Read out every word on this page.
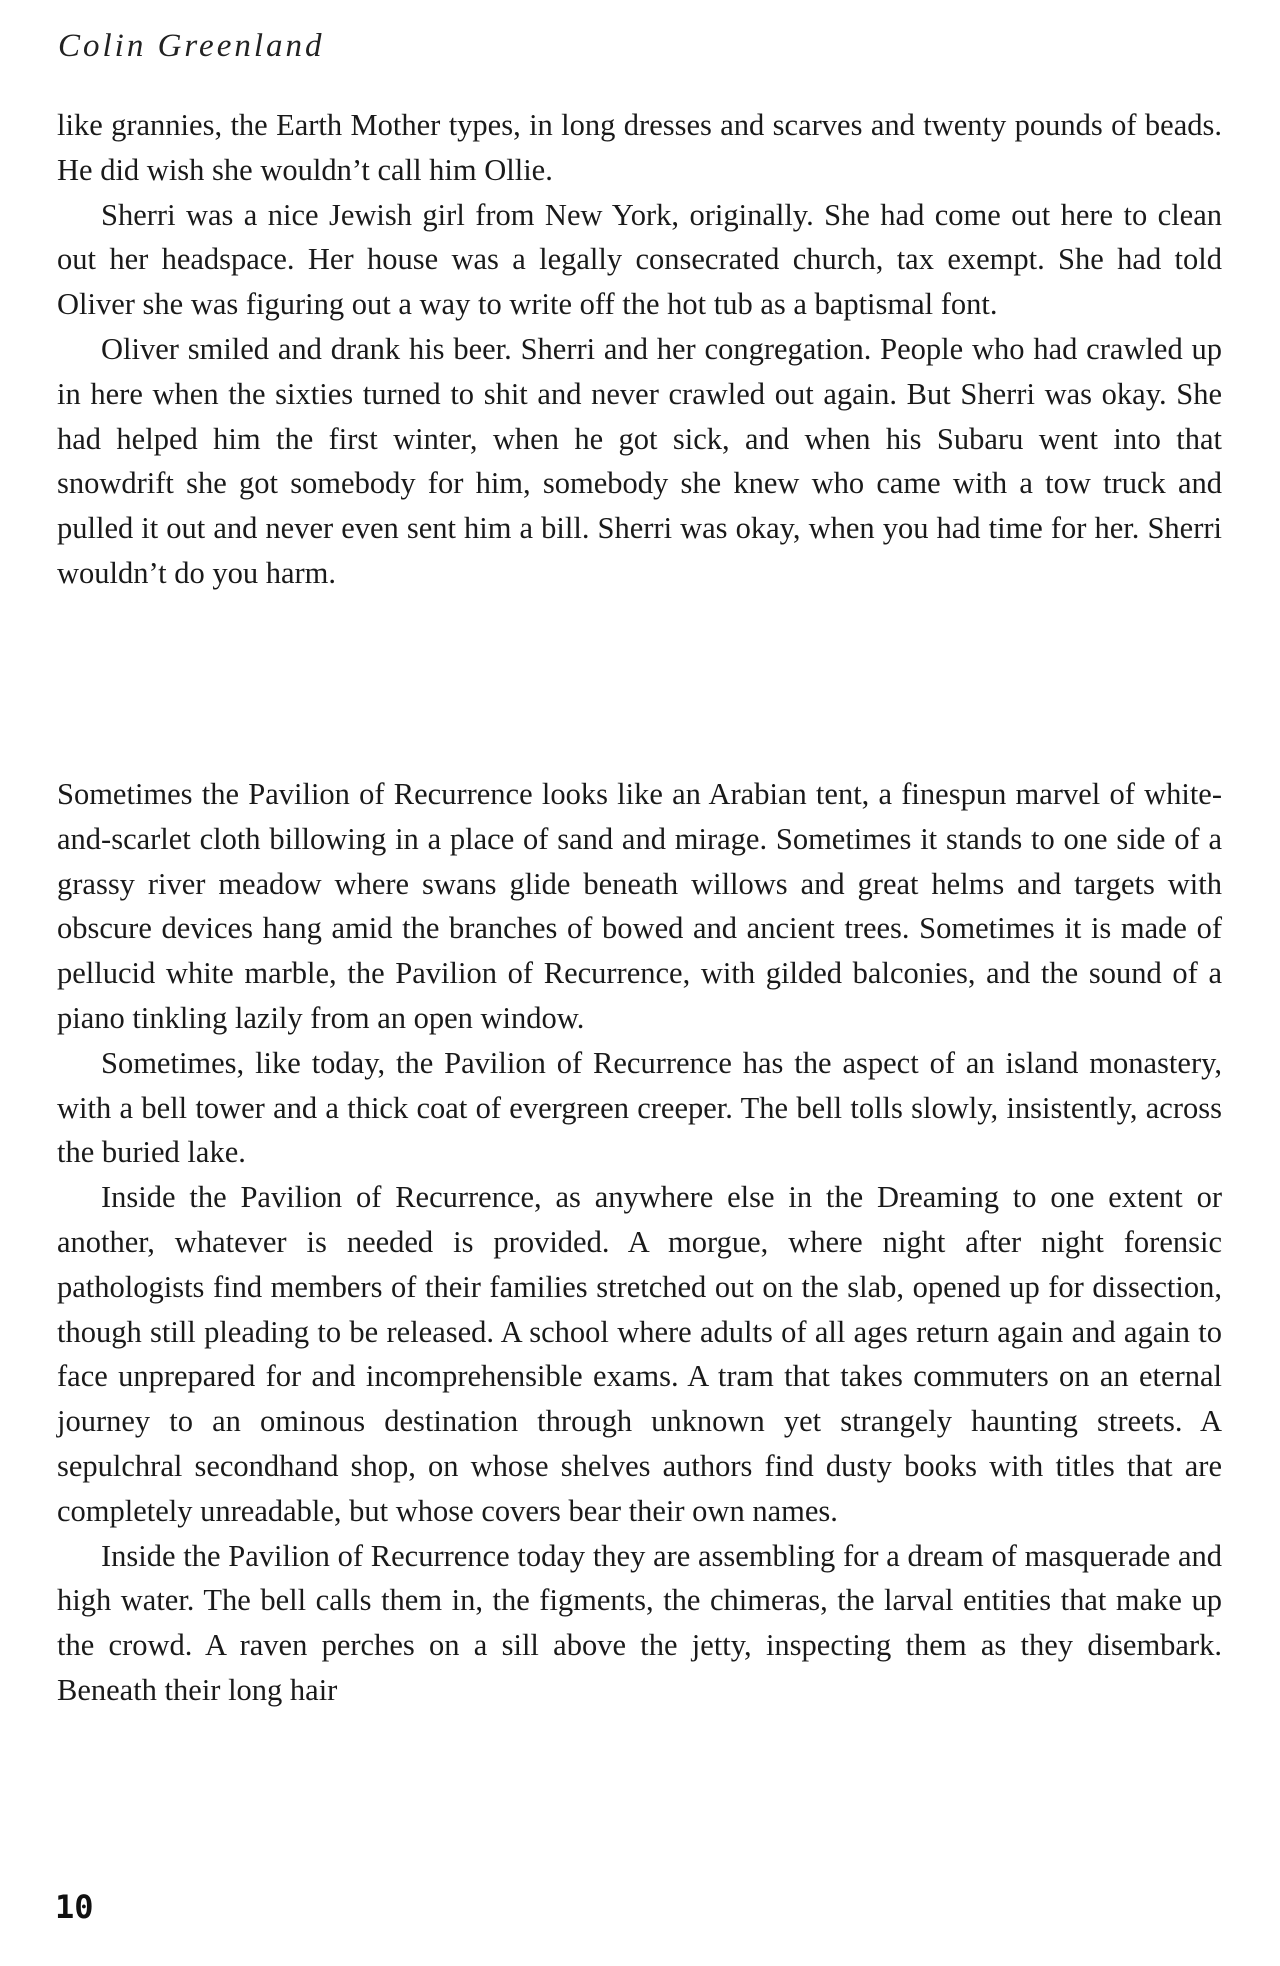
Colin Greenland

like grannies, the Earth Mother types, in long dresses and scarves and twenty pounds of beads. He did wish she wouldn’t call him Ollie.

Sherri was a nice Jewish girl from New York, originally. She had come out here to clean out her headspace. Her house was a legally consecrated church, tax exempt. She had told Oliver she was figuring out a way to write off the hot tub as a baptismal font.

Oliver smiled and drank his beer. Sherri and her congregation. People who had crawled up in here when the sixties turned to shit and never crawled out again. But Sherri was okay. She had helped him the first winter, when he got sick, and when his Subaru went into that snowdrift she got somebody for him, somebody she knew who came with a tow truck and pulled it out and never even sent him a bill. Sherri was okay, when you had time for her. Sherri wouldn’t do you harm.

Sometimes the Pavilion of Recurrence looks like an Arabian tent, a finespun marvel of white-and-scarlet cloth billowing in a place of sand and mirage. Sometimes it stands to one side of a grassy river meadow where swans glide beneath willows and great helms and targets with obscure devices hang amid the branches of bowed and ancient trees. Sometimes it is made of pellucid white marble, the Pavilion of Recurrence, with gilded balconies, and the sound of a piano tinkling lazily from an open window.

Sometimes, like today, the Pavilion of Recurrence has the aspect of an island monastery, with a bell tower and a thick coat of evergreen creeper. The bell tolls slowly, insistently, across the buried lake.

Inside the Pavilion of Recurrence, as anywhere else in the Dreaming to one extent or another, whatever is needed is provided. A morgue, where night after night forensic pathologists find members of their families stretched out on the slab, opened up for dissection, though still pleading to be released. A school where adults of all ages return again and again to face unprepared for and incomprehensible exams. A tram that takes commuters on an eternal journey to an ominous destination through unknown yet strangely haunting streets. A sepulchral secondhand shop, on whose shelves authors find dusty books with titles that are completely unreadable, but whose covers bear their own names.

Inside the Pavilion of Recurrence today they are assembling for a dream of masquerade and high water. The bell calls them in, the figments, the chimeras, the larval entities that make up the crowd. A raven perches on a sill above the jetty, inspecting them as they disembark. Beneath their long hair

10
